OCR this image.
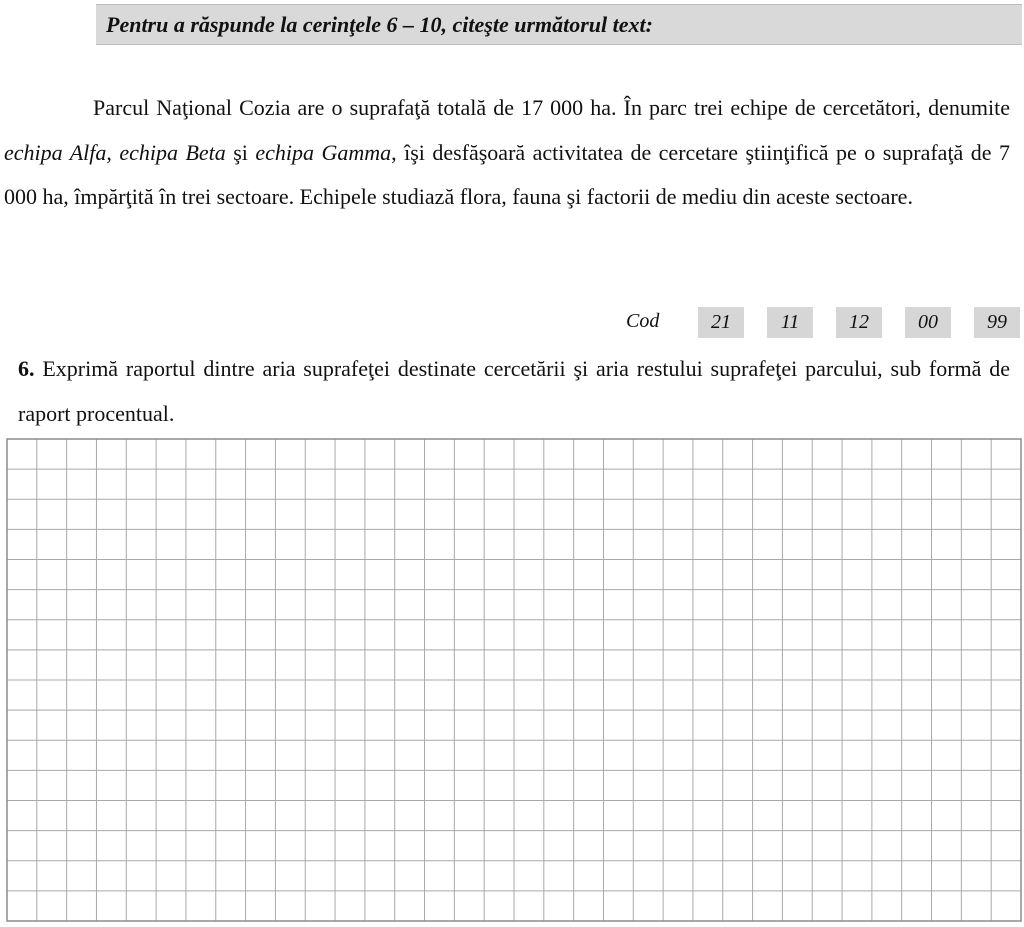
Pentru a răspunde la cerinţele 6 – 10, citeşte următorul text:

Parcul Naţional Cozia are o suprafaţă totală de 17 000 ha. În parc trei echipe de cercetători, denumite echipa Alfa, echipa Beta şi echipa Gamma, îşi desfăşoară activitatea de cercetare ştiinţifică pe o suprafaţă de 7 000 ha, împărţită în trei sectoare. Echipele studiază flora, fauna şi factorii de mediu din aceste sectoare.

Cod	21	11	12	00	99

6. Exprimă raportul dintre aria suprafeţei destinate cercetării şi aria restului suprafeţei parcului, sub formă de raport procentual.
